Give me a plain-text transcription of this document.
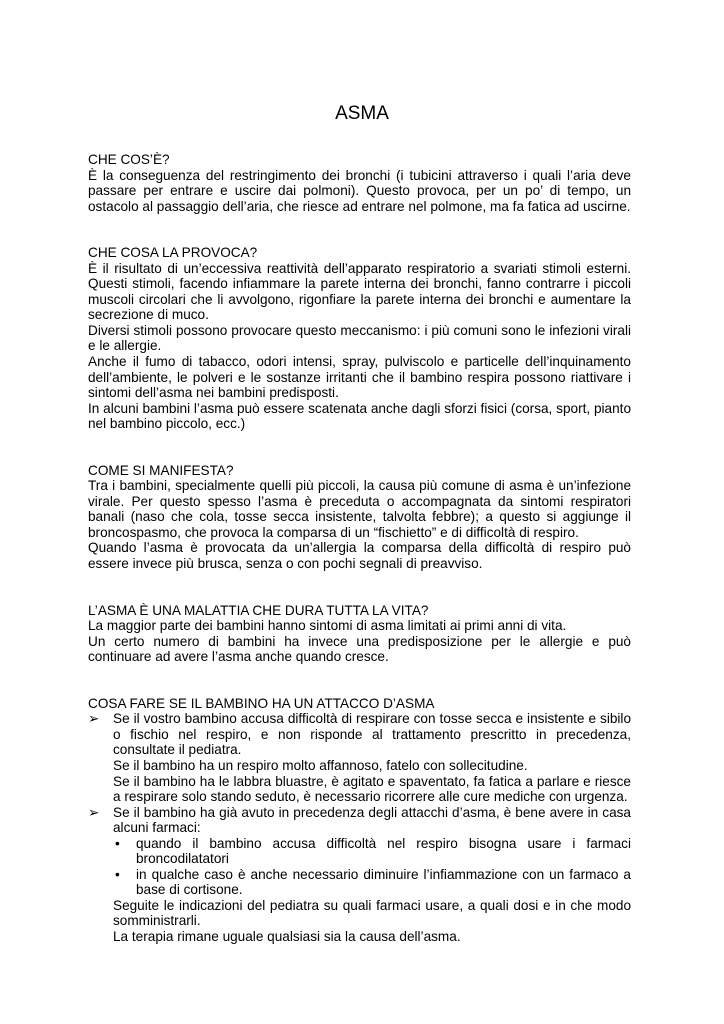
ASMA
CHE COS’È?
È la conseguenza del restringimento dei bronchi (i tubicini attraverso i quali l’aria deve passare per entrare e uscire dai polmoni). Questo provoca, per un po’ di tempo, un ostacolo al passaggio dell’aria, che riesce ad entrare nel polmone, ma fa fatica ad uscirne.
CHE COSA LA PROVOCA?
È il risultato di un’eccessiva reattività dell’apparato respiratorio a svariati stimoli esterni. Questi stimoli, facendo infiammare la parete interna dei bronchi, fanno contrarre i piccoli muscoli circolari che li avvolgono, rigonfiare la parete interna dei bronchi e aumentare la secrezione di muco.
Diversi stimoli possono provocare questo meccanismo: i più comuni sono le infezioni virali e le allergie.
Anche il fumo di tabacco, odori intensi, spray, pulviscolo e particelle dell’inquinamento dell’ambiente, le polveri e le sostanze irritanti che il bambino respira possono riattivare i sintomi dell’asma nei bambini predisposti.
In alcuni bambini l’asma può essere scatenata anche dagli sforzi fisici (corsa, sport, pianto nel bambino piccolo, ecc.)
COME SI MANIFESTA?
Tra i bambini, specialmente quelli più piccoli, la causa più comune di asma è un’infezione virale. Per questo spesso l’asma è preceduta o accompagnata da sintomi respiratori banali (naso che cola, tosse secca insistente, talvolta febbre); a questo si aggiunge il broncospasmo, che provoca la comparsa di un “fischietto” e di difficoltà di respiro.
Quando l’asma è provocata da un’allergia la comparsa della difficoltà di respiro può essere invece più brusca, senza o con pochi segnali di preavviso.
L’ASMA È UNA MALATTIA CHE DURA TUTTA LA VITA?
La maggior parte dei bambini hanno sintomi di asma limitati ai primi anni di vita.
Un certo numero di bambini ha invece una predisposizione per le allergie e può continuare ad avere l’asma anche quando cresce.
COSA FARE SE IL BAMBINO HA UN ATTACCO D’ASMA
➢	Se il vostro bambino accusa difficoltà di respirare con tosse secca e insistente e sibilo o fischio nel respiro, e non risponde al trattamento prescritto in precedenza, consultate il pediatra.
Se il bambino ha un respiro molto affannoso, fatelo con sollecitudine.
Se il bambino ha le labbra bluastre, è agitato e spaventato, fa fatica a parlare e riesce a respirare solo stando seduto, è necessario ricorrere alle cure mediche con urgenza.
➢	Se il bambino ha già avuto in precedenza degli attacchi d’asma, è bene avere in casa alcuni farmaci:
•	quando il bambino accusa difficoltà nel respiro bisogna usare i farmaci broncodilatatori
•	in qualche caso è anche necessario diminuire l’infiammazione con un farmaco a base di cortisone.
Seguite le indicazioni del pediatra su quali farmaci usare, a quali dosi e in che modo somministrarli.
La terapia rimane uguale qualsiasi sia la causa dell’asma.
